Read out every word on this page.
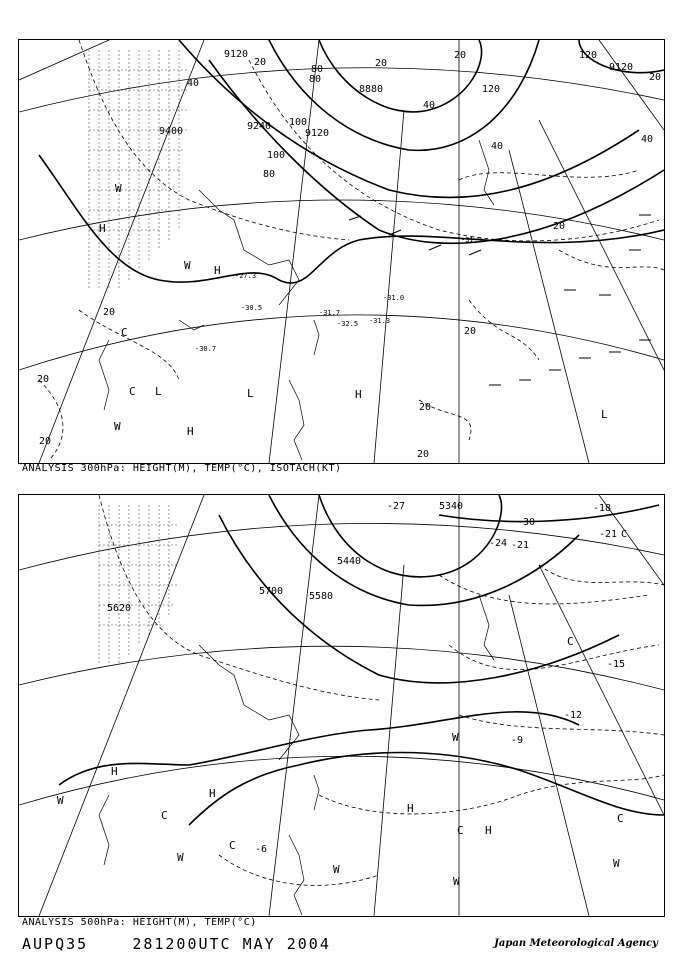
9120
9120
8880
9240
9120
9400
120
20
20
40
80
40
20
100
40
80
100
80
120
20
40
20
20
20
20
20
20
20
-31.9
-31.7
-32.5
-31.0
-30.7
-27.3
-30.5
-31.3
H
W
H
C
W
C L	L
W	H
H
L
ANALYSIS 300hPa: HEIGHT(M), TEMP(°C), ISOTACH(KT)
5340
5440
5700	5580
5620
-18
-21
-24
-27
-30
-21
-15
-12
-9
-6
C
C
C
H
W
H
C
H
W
C H
C
W
W
W
W
ANALYSIS 500hPa: HEIGHT(M), TEMP(°C)
AUPQ35	281200UTC MAY 2004	Japan Meteorological Agency
